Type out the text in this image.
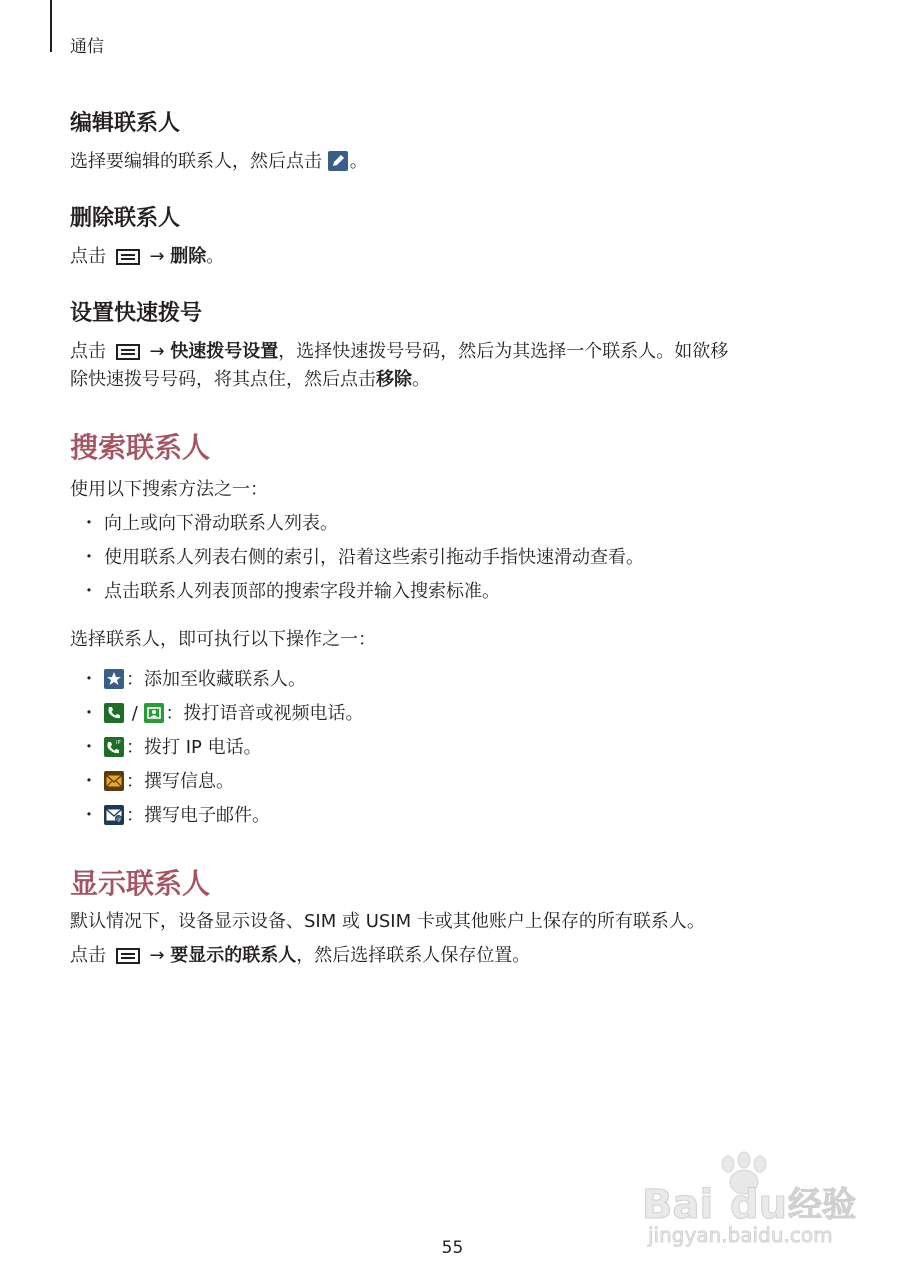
通信
编辑联系人
选择要编辑的联系人，然后点击 。
删除联系人
点击  → 删除。
设置快速拨号
点击  → 快速拨号设置，选择快速拨号号码，然后为其选择一个联系人。如欲移
除快速拨号号码，将其点住，然后点击移除。
搜索联系人
使用以下搜索方法之一：
・ 向上或向下滑动联系人列表。
・ 使用联系人列表右侧的索引，沿着这些索引拖动手指快速滑动查看。
・ 点击联系人列表顶部的搜索字段并输入搜索标准。
选择联系人，即可执行以下操作之一：
・ ：添加至收藏联系人。
・ / ：拨打语音或视频电话。
・	IP ：拨打 IP 电话。
・ ：撰写信息。
・	@ ：撰写电子邮件。
显示联系人
默认情况下，设备显示设备、SIM 或 USIM 卡或其他账户上保存的所有联系人。
点击  → 要显示的联系人，然后选择联系人保存位置。
Bai du 经验
jingyan.baidu.com
55
